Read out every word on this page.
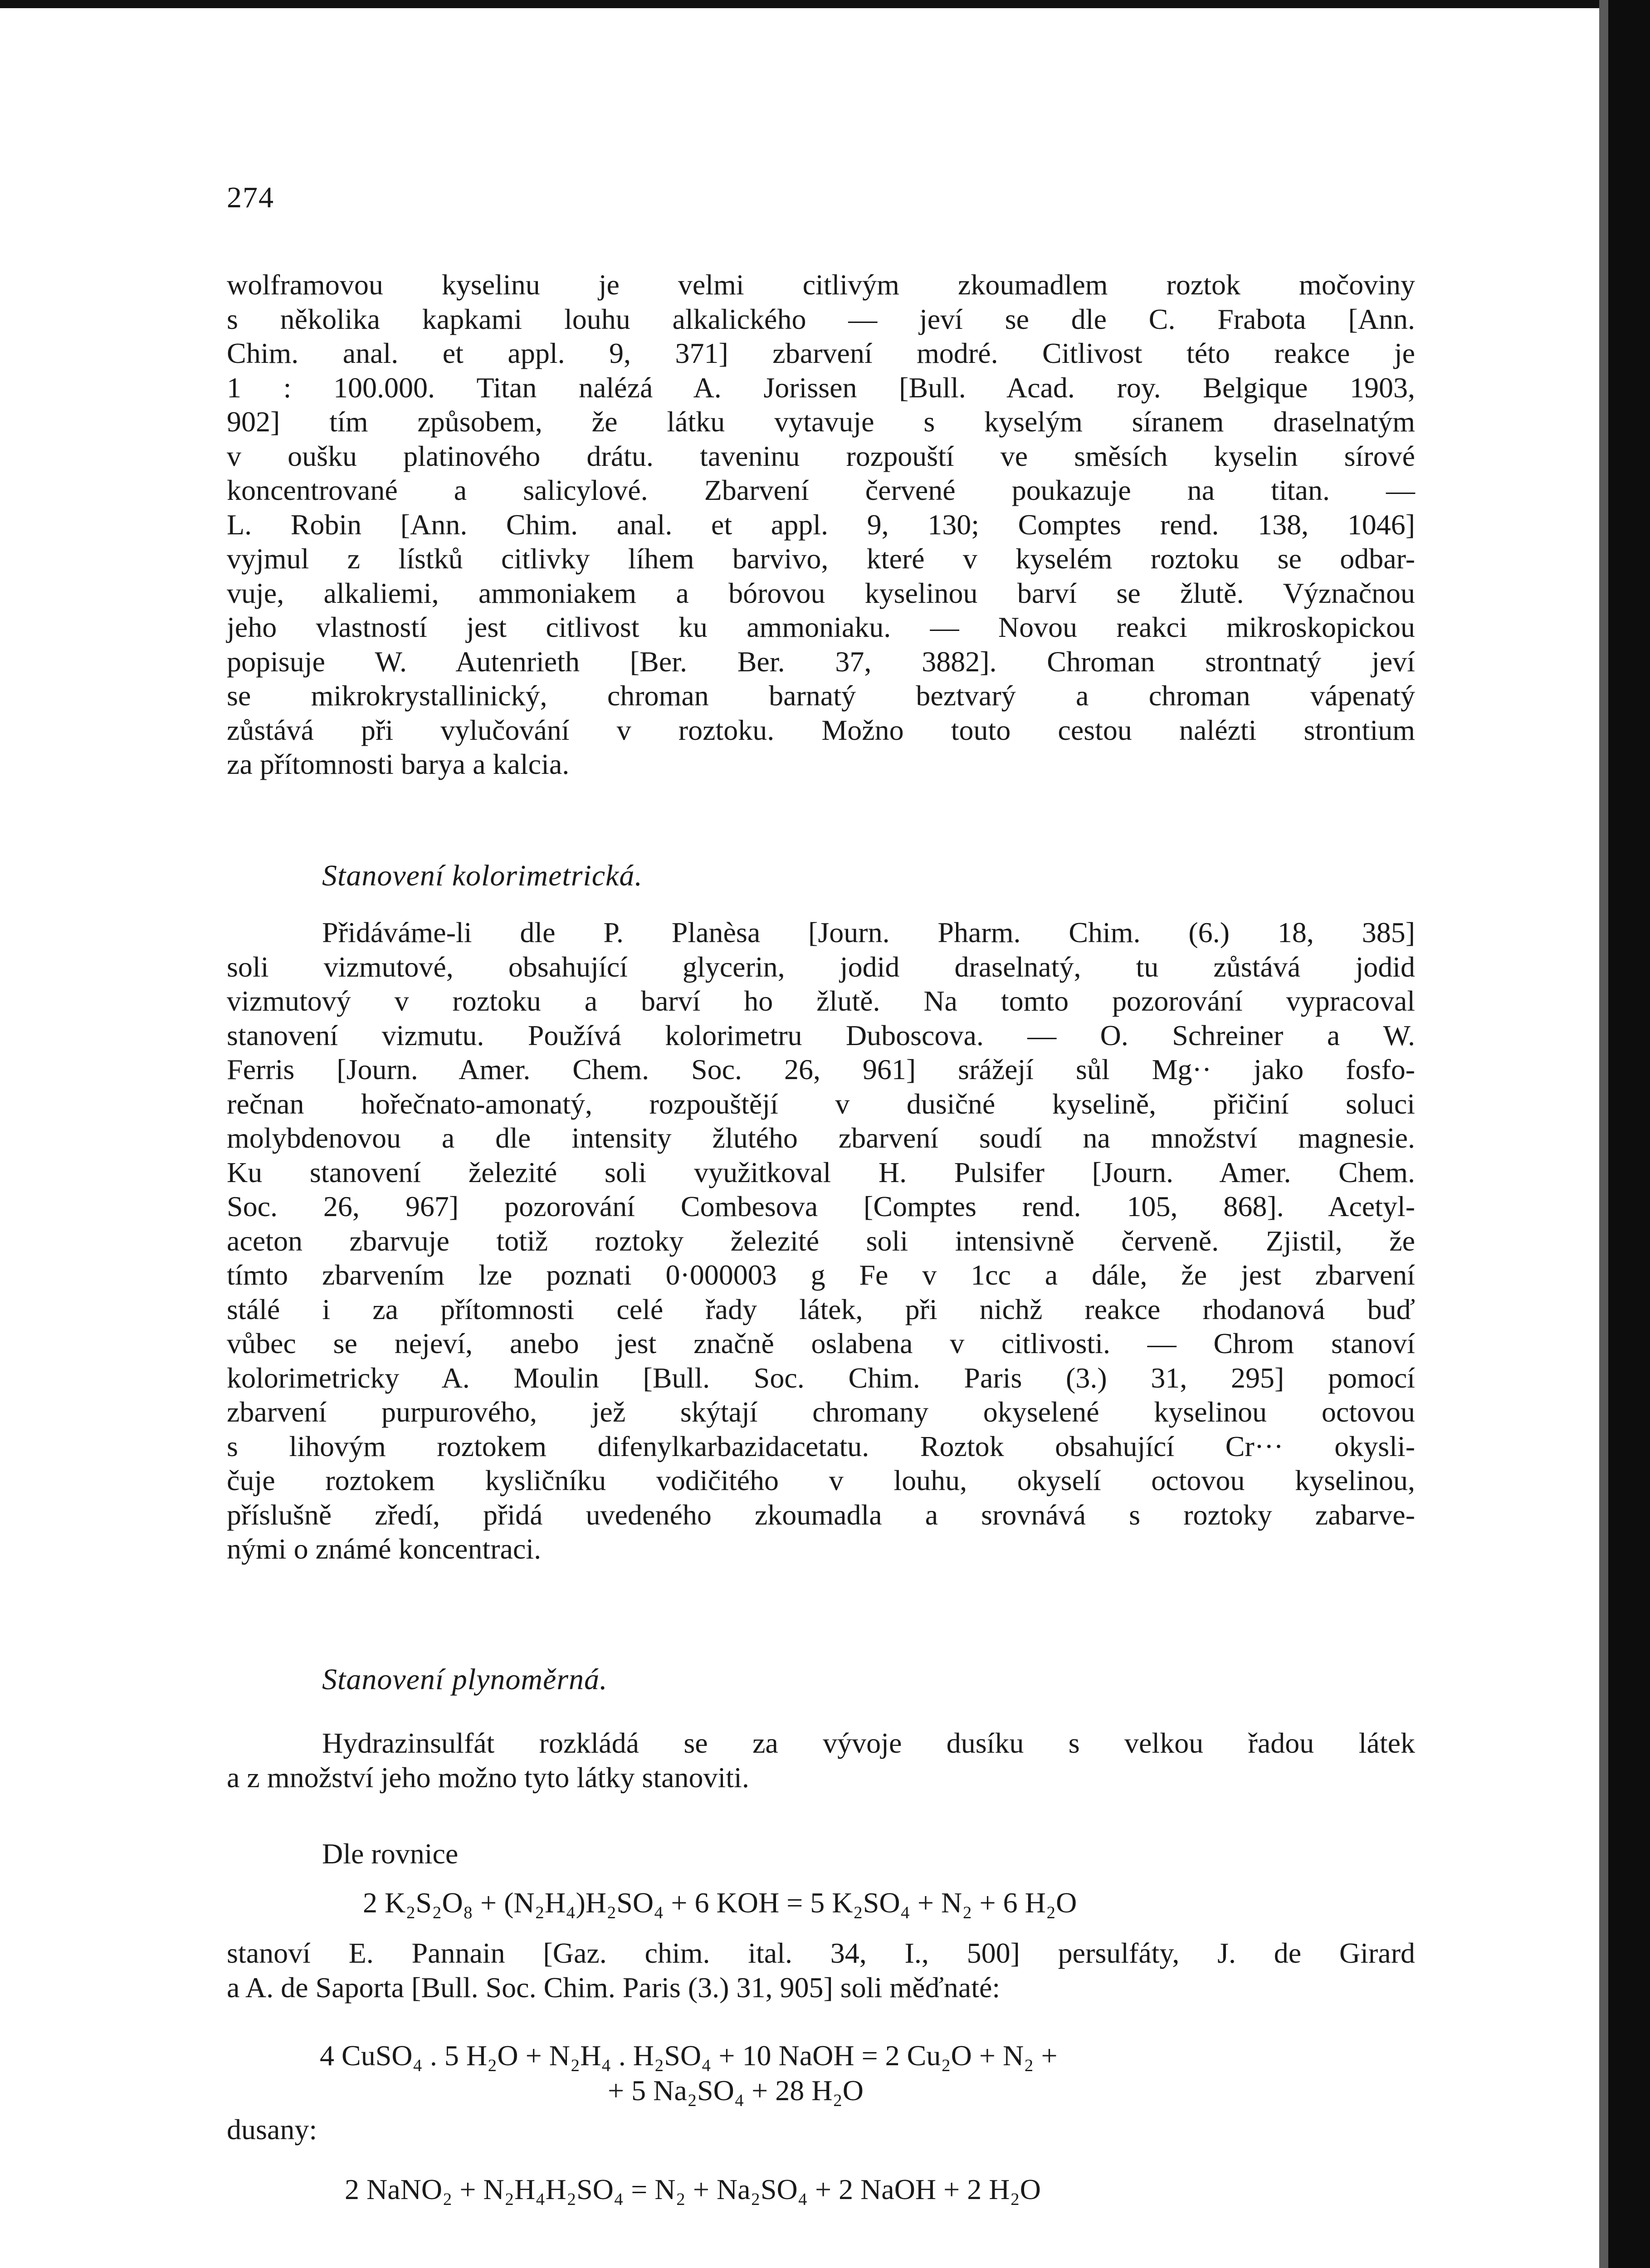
274
wolframovou kyselinu je velmi citlivým zkoumadlem roztok močoviny
s několika kapkami louhu alkalického — jeví se dle C. Frabota [Ann.
Chim. anal. et appl. 9, 371] zbarvení modré. Citlivost této reakce je
1 : 100.000. Titan nalézá A. Jorissen [Bull. Acad. roy. Belgique 1903,
902] tím způsobem, že látku vytavuje s kyselým síranem draselnatým
v oušku platinového drátu. taveninu rozpouští ve směsích kyselin sírové
koncentrované a salicylové. Zbarvení červené poukazuje na titan. —
L. Robin [Ann. Chim. anal. et appl. 9, 130; Comptes rend. 138, 1046]
vyjmul z lístků citlivky líhem barvivo, které v kyselém roztoku se odbar-
vuje, alkaliemi, ammoniakem a bórovou kyselinou barví se žlutě. Význačnou
jeho vlastností jest citlivost ku ammoniaku. — Novou reakci mikroskopickou
popisuje W. Autenrieth [Ber. Ber. 37, 3882]. Chroman strontnatý jeví
se mikrokrystallinický, chroman barnatý beztvarý a chroman vápenatý
zůstává při vylučování v roztoku. Možno touto cestou nalézti strontium
za přítomnosti barya a kalcia.
Stanovení kolorimetrická.
Přidáváme-li dle P. Planèsa [Journ. Pharm. Chim. (6.) 18, 385]
soli vizmutové, obsahující glycerin, jodid draselnatý, tu zůstává jodid
vizmutový v roztoku a barví ho žlutě. Na tomto pozorování vypracoval
stanovení vizmutu. Používá kolorimetru Duboscova. — O. Schreiner a W.
Ferris [Journ. Amer. Chem. Soc. 26, 961] srážejí sůl Mg·· jako fosfo-
rečnan hořečnato-amonatý, rozpouštějí v dusičné kyselině, přičiní soluci
molybdenovou a dle intensity žlutého zbarvení soudí na množství magnesie.
Ku stanovení železité soli využitkoval H. Pulsifer [Journ. Amer. Chem.
Soc. 26, 967] pozorování Combesova [Comptes rend. 105, 868]. Acetyl-
aceton zbarvuje totiž roztoky železité soli intensivně červeně. Zjistil, že
tímto zbarvením lze poznati 0·000003 g Fe v 1cc a dále, že jest zbarvení
stálé i za přítomnosti celé řady látek, při nichž reakce rhodanová buď
vůbec se nejeví, anebo jest značně oslabena v citlivosti. — Chrom stanoví
kolorimetricky A. Moulin [Bull. Soc. Chim. Paris (3.) 31, 295] pomocí
zbarvení purpurového, jež skýtají chromany okyselené kyselinou octovou
s lihovým roztokem difenylkarbazidacetatu. Roztok obsahující Cr··· okysli-
čuje roztokem kysličníku vodičitého v louhu, okyselí octovou kyselinou,
příslušně zředí, přidá uvedeného zkoumadla a srovnává s roztoky zabarve-
nými o známé koncentraci.
Stanovení plynoměrná.
Hydrazinsulfát rozkládá se za vývoje dusíku s velkou řadou látek
a z množství jeho možno tyto látky stanoviti.
Dle rovnice
2 K₂S₂O₈ + (N₂H₄)H₂SO₄ + 6 KOH = 5 K₂SO₄ + N₂ + 6 H₂O
stanoví E. Pannain [Gaz. chim. ital. 34, I., 500] persulfáty, J. de Girard
a A. de Saporta [Bull. Soc. Chim. Paris (3.) 31, 905] soli měďnaté:
4 CuSO₄ . 5 H₂O + N₂H₄ . H₂SO₄ + 10 NaOH = 2 Cu₂O + N₂ +
+ 5 Na₂SO₄ + 28 H₂O
dusany:
2 NaNO₂ + N₂H₄H₂SO₄ = N₂ + Na₂SO₄ + 2 NaOH + 2 H₂O
